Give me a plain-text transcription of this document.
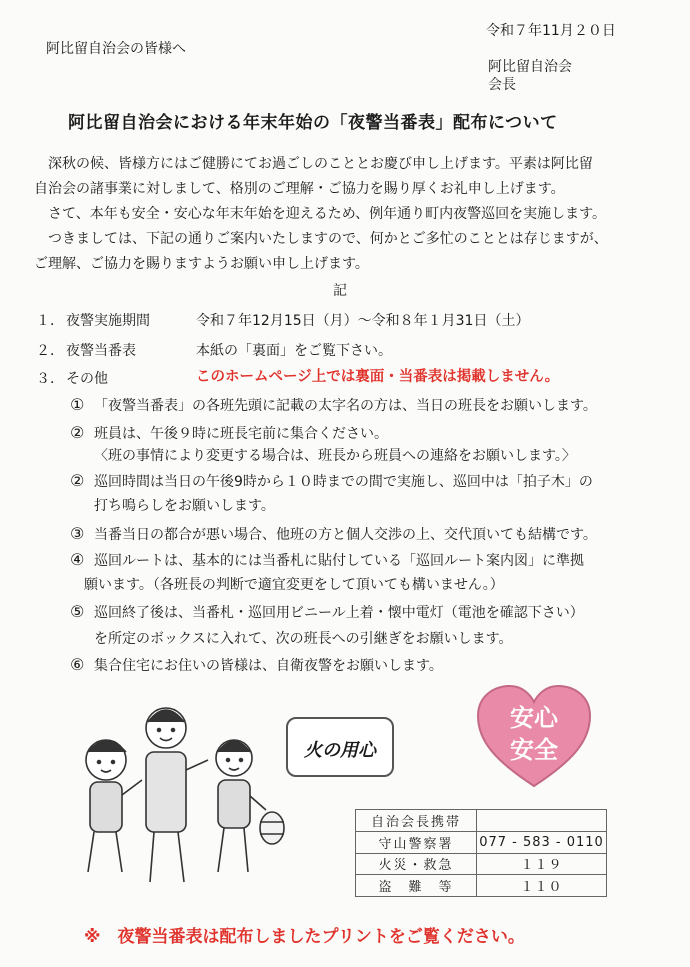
令和７年11月２０日
阿比留自治会の皆様へ
阿比留自治会
会長
阿比留自治会における年末年始の「夜警当番表」配布について
深秋の候、皆様方にはご健勝にてお過ごしのこととお慶び申し上げます。平素は阿比留
自治会の諸事業に対しまして、格別のご理解・ご協力を賜り厚くお礼申し上げます。
さて、本年も安全・安心な年末年始を迎えるため、例年通り町内夜警巡回を実施します。
つきましては、下記の通りご案内いたしますので、何かとご多忙のこととは存じますが、
ご理解、ご協力を賜りますようお願い申し上げます。
記
１． 夜警実施期間	令和７年12月15日（月）～令和８年１月31日（土）
２． 夜警当番表	本紙の「裏面」をご覧下さい。
３． その他	このホームページ上では裏面・当番表は掲載しません。
① 「夜警当番表」の各班先頭に記載の太字名の方は、当日の班長をお願いします。
② 班員は、午後９時に班長宅前に集合ください。
〈班の事情により変更する場合は、班長から班員への連絡をお願いします。〉
② 巡回時間は当日の午後9時から１０時までの間で実施し、巡回中は「拍子木」の
打ち鳴らしをお願いします。
③ 当番当日の都合が悪い場合、他班の方と個人交渉の上、交代頂いても結構です。
④ 巡回ルートは、基本的には当番札に貼付している「巡回ルート案内図」に準拠
願います。（各班長の判断で適宜変更をして頂いても構いません。）
⑤ 巡回終了後は、当番札・巡回用ビニール上着・懐中電灯（電池を確認下さい）
を所定のボックスに入れて、次の班長への引継ぎをお願いします。
⑥ 集合住宅にお住いの皆様は、自衛夜警をお願いします。
火の用心
安心
安全
自治会長携帯	
守山警察署	077 - 583 - 0110
火災・救急	１１９
盗　難　等	１１０
※　夜警当番表は配布しましたプリントをご覧ください。
